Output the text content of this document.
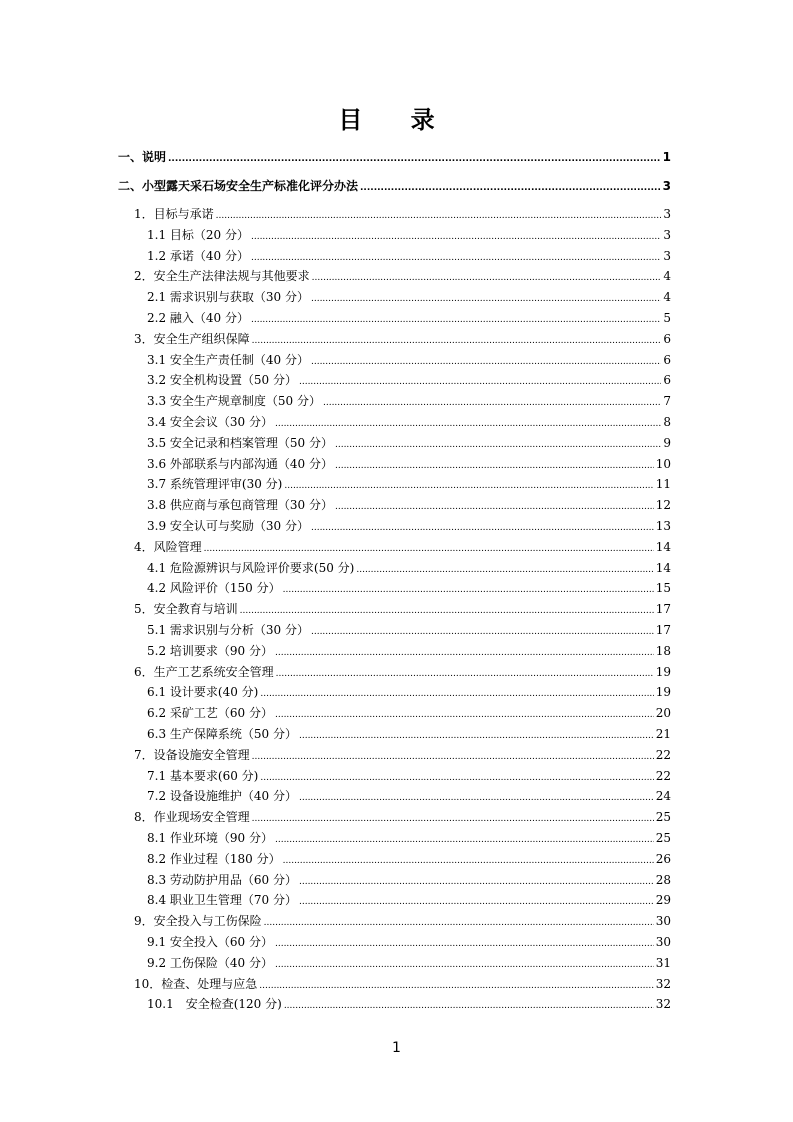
目 录
一、说明 .....	1
二、小型露天采石场安全生产标准化评分办法 .....	3
1．目标与承诺 .....	3
1.1 目标（20 分） .....	3
1.2 承诺（40 分） .....	3
2．安全生产法律法规与其他要求 .....	4
2.1 需求识别与获取（30 分） .....	4
2.2 融入（40 分） .....	5
3．安全生产组织保障 .....	6
3.1 安全生产责任制（40 分） .....	6
3.2 安全机构设置（50 分） .....	6
3.3 安全生产规章制度（50 分） .....	7
3.4 安全会议（30 分） .....	8
3.5 安全记录和档案管理（50 分） .....	9
3.6 外部联系与内部沟通（40 分） .....	10
3.7 系统管理评审(30 分) .....	11
3.8 供应商与承包商管理（30 分） .....	12
3.9 安全认可与奖励（30 分） .....	13
4．风险管理 .....	14
4.1 危险源辨识与风险评价要求(50 分) .....	14
4.2 风险评价（150 分） .....	15
5．安全教育与培训 .....	17
5.1 需求识别与分析（30 分） .....	17
5.2 培训要求（90 分） .....	18
6．生产工艺系统安全管理 .....	19
6.1 设计要求(40 分) .....	19
6.2 采矿工艺（60 分） .....	20
6.3 生产保障系统（50 分） .....	21
7．设备设施安全管理 .....	22
7.1 基本要求(60 分) .....	22
7.2 设备设施维护（40 分） .....	24
8．作业现场安全管理 .....	25
8.1 作业环境（90 分） .....	25
8.2 作业过程（180 分） .....	26
8.3 劳动防护用品（60 分） .....	28
8.4 职业卫生管理（70 分） .....	29
9．安全投入与工伤保险 .....	30
9.1 安全投入（60 分） .....	30
9.2 工伤保险（40 分） .....	31
10．检查、处理与应急 .....	32
10.1　安全检查(120 分) .....	32
1
